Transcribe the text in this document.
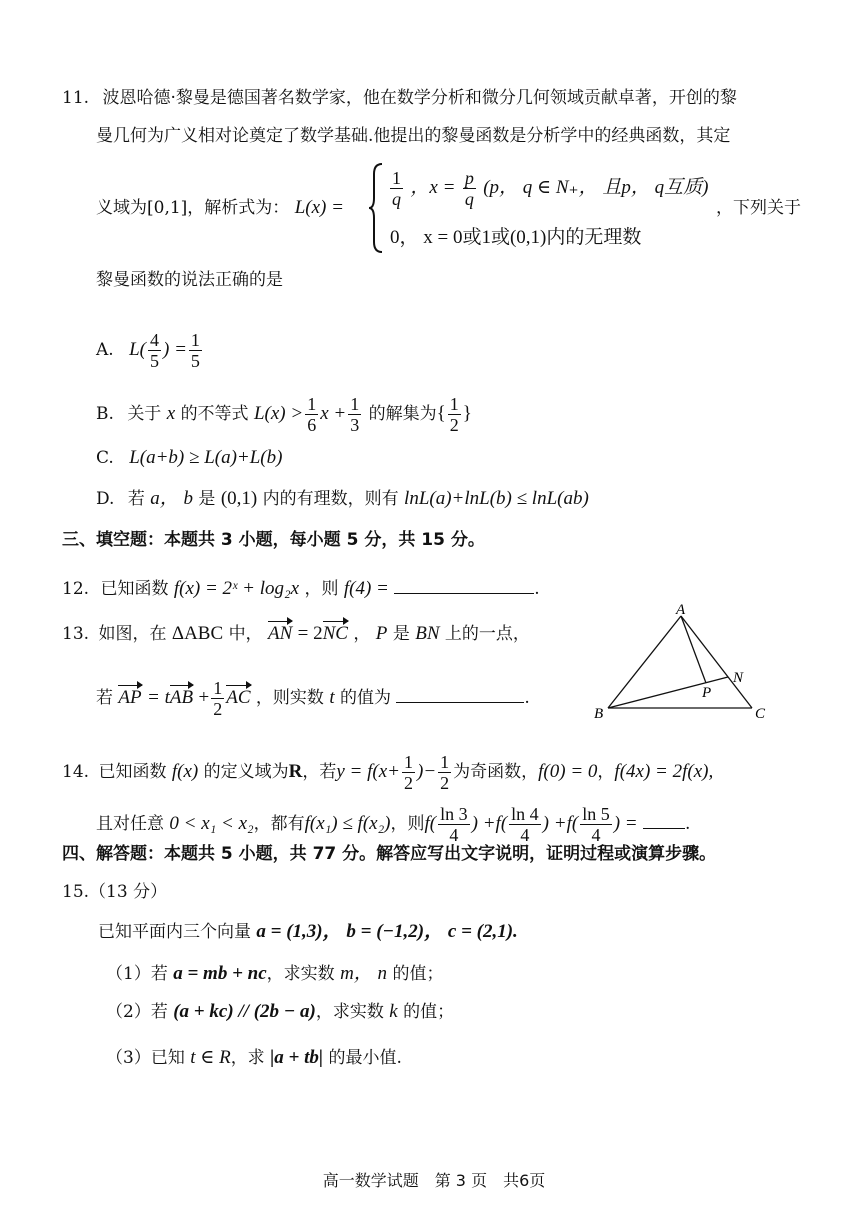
11. 波恩哈德·黎曼是德国著名数学家，他在数学分析和微分几何领域贡献卓著，开创的黎
曼几何为广义相对论奠定了数学基础.他提出的黎曼函数是分析学中的经典函数，其定
义域为[0,1]，解析式为： L(x) =	$\frac{1}{q}$ ，$x = \frac{p}{q} (p$， q ∈ N₊， 且p， q互质)
0， x = 0或1或(0,1)内的无理数
，下列关于
黎曼函数的说法正确的是
A. $L( \frac{4}{5}$ ) = $\frac{1}{5}$
B. 关于 x 的不等式 $L(x) > \frac{1}{6}$ $x + \frac{1}{3}$ 的解集为{ $\frac{1}{2}$ }
C. L(a+b) ≥ L(a)+L(b)
D. 若 a， b 是 (0,1) 内的有理数，则有 lnL(a)+lnL(b) ≤ lnL(ab)
三、填空题：本题共 3 小题，每小题 5 分，共 15 分。
12. 已知函数 f(x) = 2ˣ + log₂x ，则 f(4) =	.
13. 如图，在 ΔABC 中， AN = 2NC ， P 是 BN 上的一点，
若 AP = tAB + $\frac{1}{2}$ AC ，则实数 t 的值为	.
A
B	C
N
P
14. 已知函数 f(x) 的定义域为R，若$y = f(x+ \frac{1}{2}$ )− $\frac{1}{2}$ 为奇函数，f(0) = 0，f(4x) = 2f(x),
且对任意 0 < x₁ < x₂，都有f(x₁) ≤ f(x₂)，则$f( \frac{\ln 3}{4}$ ) $+f( \frac{\ln 4}{4}$ ) $+f( \frac{\ln 5}{4}$ ) =	.
四、解答题：本题共 5 小题，共 77 分。解答应写出文字说明，证明过程或演算步骤。
15.（13 分）
已知平面内三个向量 a = (1,3)， b = (−1,2)， c = (2,1).
（1）若 a = mb + nc，求实数 m， n 的值；
（2）若 (a + kc) // (2b − a)，求实数 k 的值；
（3）已知 t ∈ R，求 |a + tb| 的最小值.
高一数学试题　第 3 页　共6页
